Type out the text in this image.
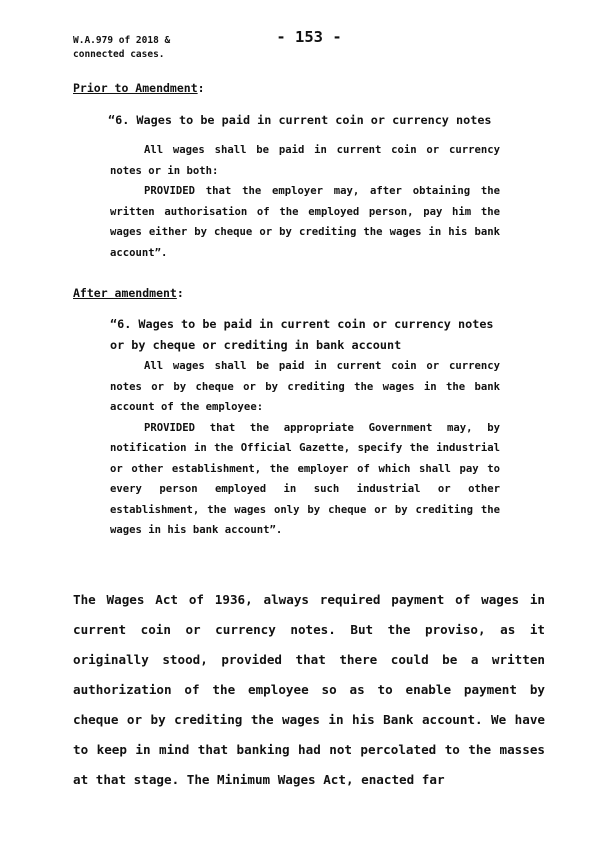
W.A.979 of 2018 &
connected cases.
- 153 -
Prior to Amendment:
“6. Wages to be paid in current coin or currency notes

All wages shall be paid in current coin or currency notes or in both:

PROVIDED that the employer may, after obtaining the written authorisation of the employed person, pay him the wages either by cheque or by crediting the wages in his bank account”.

After amendment:
“6. Wages to be paid in current coin or currency notes or by cheque or crediting in bank account

All wages shall be paid in current coin or currency notes or by cheque or by crediting the wages in the bank account of the employee:

PROVIDED that the appropriate Government may, by notification in the Official Gazette, specify the industrial or other establishment, the employer of which shall pay to every person employed in such industrial or other establishment, the wages only by cheque or by crediting the wages in his bank account”.

The Wages Act of 1936, always required payment of wages in current coin or currency notes. But the proviso, as it originally stood, provided that there could be a written authorization of the employee so as to enable payment by cheque or by crediting the wages in his Bank account. We have to keep in mind that banking had not percolated to the masses at that stage. The Minimum Wages Act, enacted far
